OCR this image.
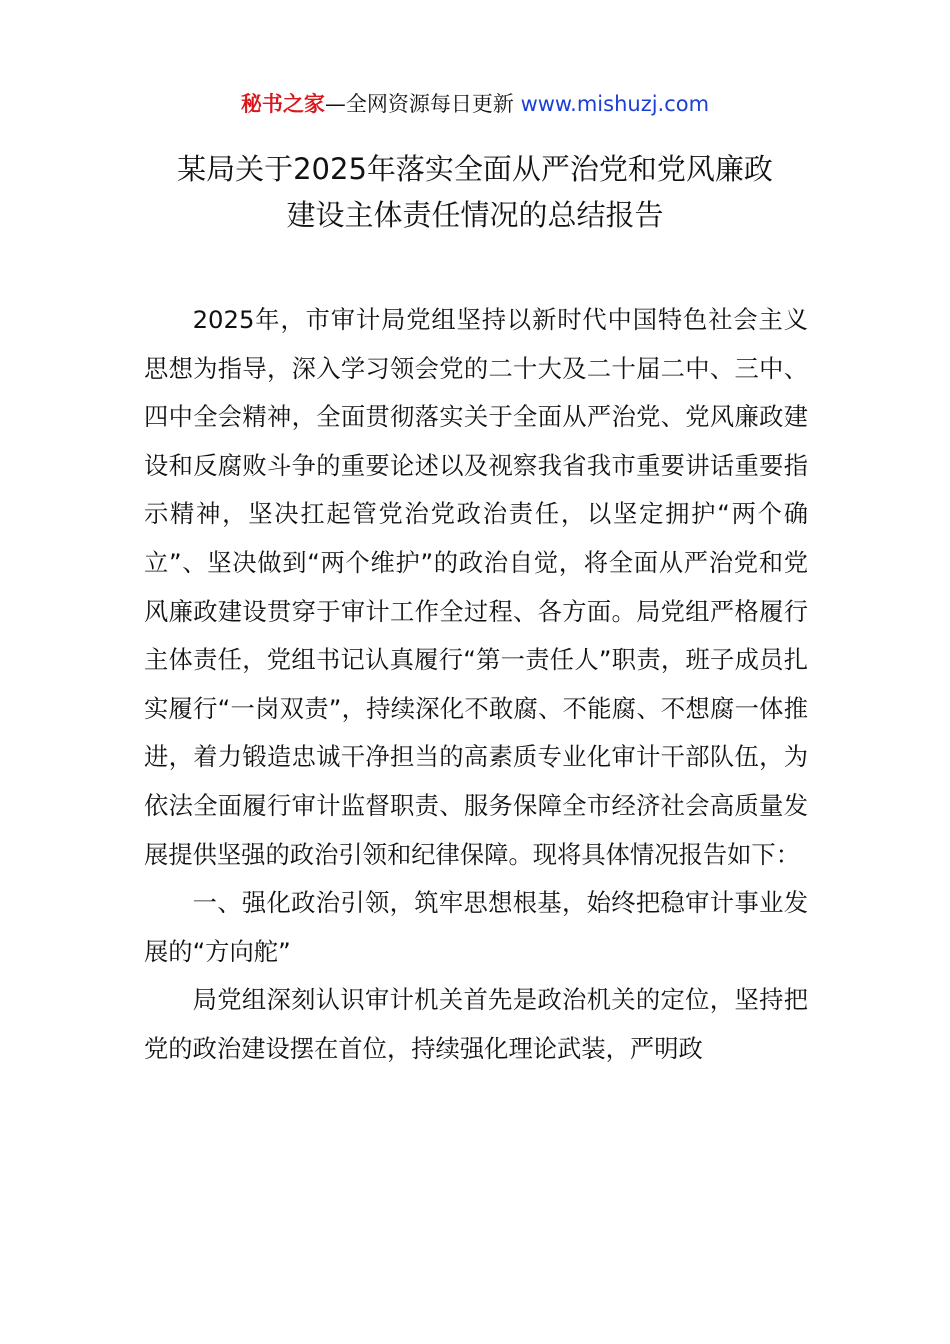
秘书之家—全网资源每日更新 www.mishuzj.com
某局关于2025年落实全面从严治党和党风廉政
建设主体责任情况的总结报告

2025年，市审计局党组坚持以新时代中国特色社会主义思想为指导，深入学习领会党的二十大及二十届二中、三中、四中全会精神，全面贯彻落实关于全面从严治党、党风廉政建设和反腐败斗争的重要论述以及视察我省我市重要讲话重要指示精神，坚决扛起管党治党政治责任，以坚定拥护“两个确立”、坚决做到“两个维护”的政治自觉，将全面从严治党和党风廉政建设贯穿于审计工作全过程、各方面。局党组严格履行主体责任，党组书记认真履行“第一责任人”职责，班子成员扎实履行“一岗双责”，持续深化不敢腐、不能腐、不想腐一体推进，着力锻造忠诚干净担当的高素质专业化审计干部队伍，为依法全面履行审计监督职责、服务保障全市经济社会高质量发展提供坚强的政治引领和纪律保障。现将具体情况报告如下：

一、强化政治引领，筑牢思想根基，始终把稳审计事业发展的“方向舵”

局党组深刻认识审计机关首先是政治机关的定位，坚持把党的政治建设摆在首位，持续强化理论武装，严明政
